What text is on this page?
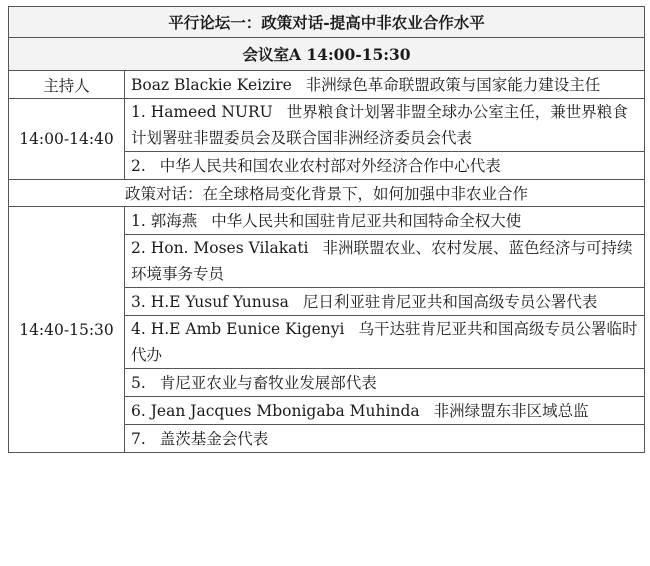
平行论坛一：政策对话-提高中非农业合作水平	
会议室A 14:00-15:30	
主持人	Boaz Blackie Keizire 非洲绿色革命联盟政策与国家能力建设主任
14:00-14:40	1. Hameed NURU 世界粮食计划署非盟全球办公室主任，兼世界粮食计划署驻非盟委员会及联合国非洲经济委员会代表
	2. 中华人民共和国农业农村部对外经济合作中心代表
政策对话：在全球格局变化背景下，如何加强中非农业合作	
14:40-15:30	1. 郭海燕 中华人民共和国驻肯尼亚共和国特命全权大使
	2. Hon. Moses Vilakati 非洲联盟农业、农村发展、蓝色经济与可持续环境事务专员
	3. H.E Yusuf Yunusa 尼日利亚驻肯尼亚共和国高级专员公署代表
	4. H.E Amb Eunice Kigenyi 乌干达驻肯尼亚共和国高级专员公署临时代办
	5. 肯尼亚农业与畜牧业发展部代表
	6. Jean Jacques Mbonigaba Muhinda 非洲绿盟东非区域总监
	7. 盖茨基金会代表
